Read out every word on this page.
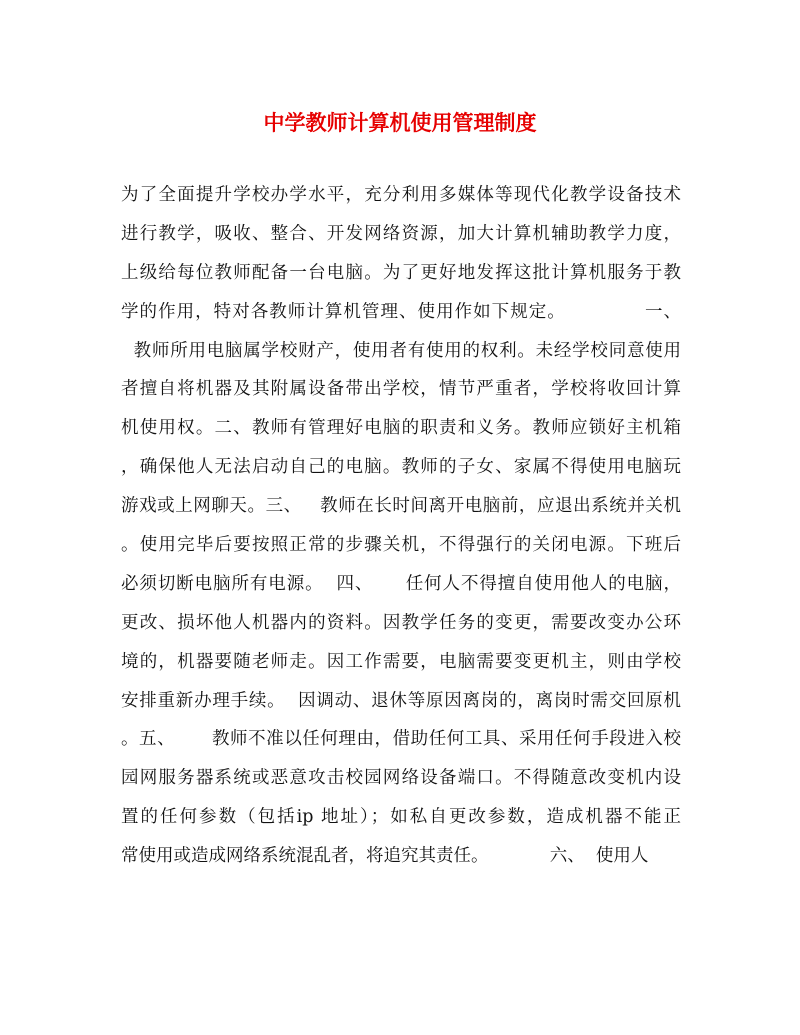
中学教师计算机使用管理制度
为了全面提升学校办学水平，充分利用多媒体等现代化教学设备技术
进行教学，吸收、整合、开发网络资源，加大计算机辅助教学力度，
上级给每位教师配备一台电脑。为了更好地发挥这批计算机服务于教
学的作用，特对各教师计算机管理、使用作如下规定。            一、
教师所用电脑属学校财产，使用者有使用的权利。未经学校同意使用
者擅自将机器及其附属设备带出学校，情节严重者，学校将收回计算
机使用权。二、教师有管理好电脑的职责和义务。教师应锁好主机箱
，确保他人无法启动自己的电脑。教师的子女、家属不得使用电脑玩
游戏或上网聊天。三、   教师在长时间离开电脑前，应退出系统并关机
。使用完毕后要按照正常的步骤关机，不得强行的关闭电源。下班后
必须切断电脑所有电源。  四、     任何人不得擅自使用他人的电脑，
更改、损坏他人机器内的资料。因教学任务的变更，需要改变办公环
境的，机器要随老师走。因工作需要，电脑需要变更机主，则由学校
安排重新办理手续。  因调动、退休等原因离岗的，离岗时需交回原机
。五、      教师不准以任何理由，借助任何工具、采用任何手段进入校
园网服务器系统或恶意攻击校园网络设备端口。不得随意改变机内设
置的任何参数（包括ip 地址）；如私自更改参数，造成机器不能正
常使用或造成网络系统混乱者，将追究其责任。           六、  使用人
